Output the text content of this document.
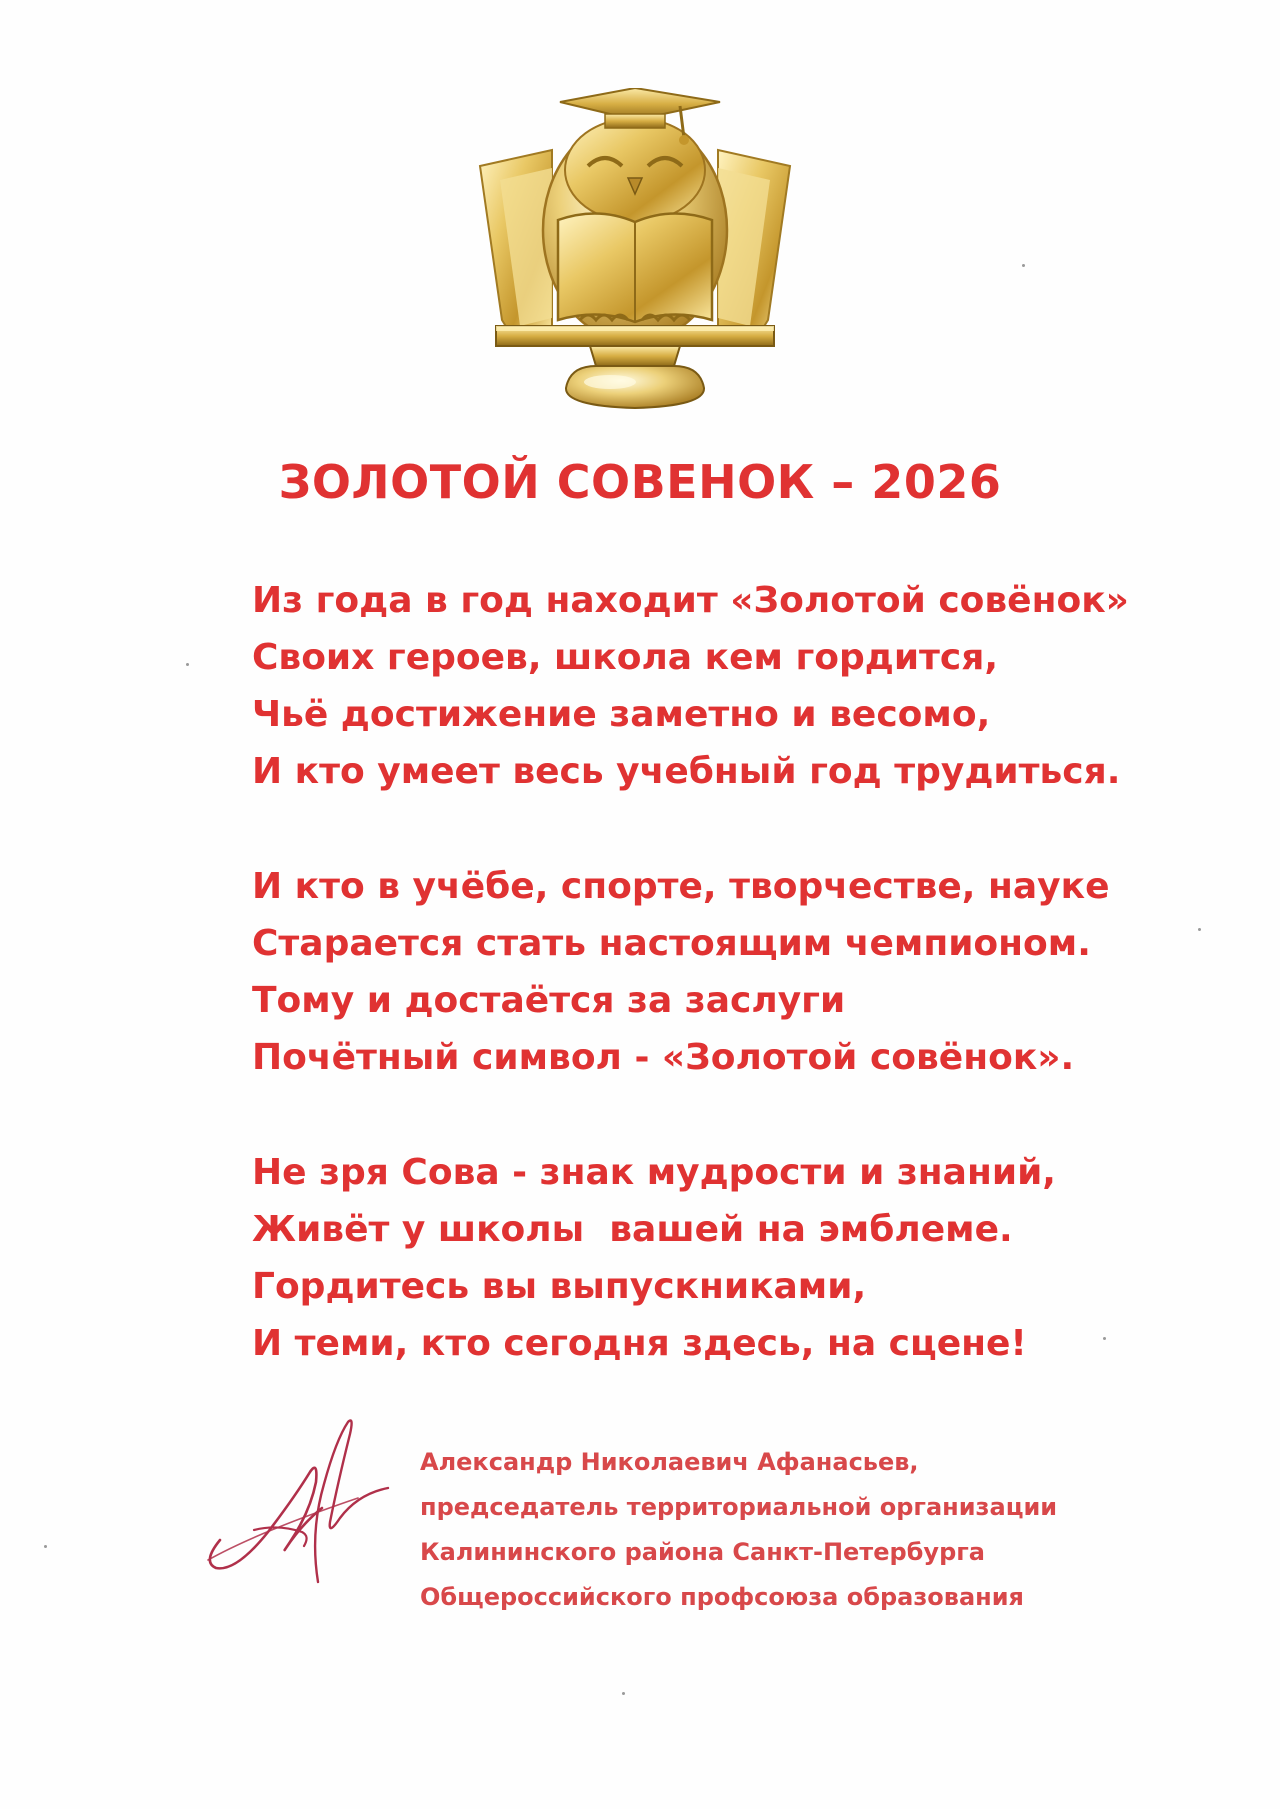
ЗОЛОТОЙ СОВЕНОК – 2026
Из года в год находит «Золотой совёнок»
Своих героев, школа кем гордится,
Чьё достижение заметно и весомо,
И кто умеет весь учебный год трудиться.
И кто в учёбе, спорте, творчестве, науке
Старается стать настоящим чемпионом.
Тому и достаётся за заслуги
Почётный символ - «Золотой совёнок».
Не зря Сова - знак мудрости и знаний,
Живёт у школы  вашей на эмблеме.
Гордитесь вы выпускниками,
И теми, кто сегодня здесь, на сцене!
Александр Николаевич Афанасьев,
председатель территориальной организации
Калининского района Санкт-Петербурга
Общероссийского профсоюза образования
